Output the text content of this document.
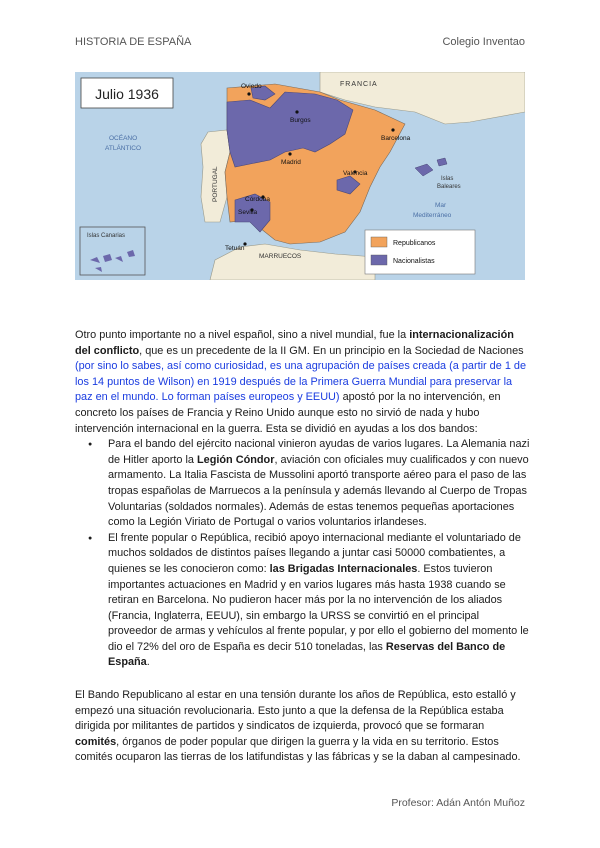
HISTORIA DE ESPAÑA	Colegio Inventao
Islas Canarias
Julio 1936
FRANCIA
OCÉANO
ATLÁNTICO
PORTUGAL
Mar
Mediterráneo
MARRUECOS
Islas
Baleares
Oviedo
Burgos
Barcelona
Madrid
Valencia
Córdoba
Sevilla
Tetuán
Republicanos
Nacionalistas
Otro punto importante no a nivel español, sino a nivel mundial, fue la internacionalización del conflicto, que es un precedente de la II GM. En un principio en la Sociedad de Naciones (por sino lo sabes, así como curiosidad, es una agrupación de países creada (a partir de 1 de los 14 puntos de Wilson) en 1919 después de la Primera Guerra Mundial para preservar la paz en el mundo. Lo forman países europeos y EEUU) apostó por la no intervención, en concreto los países de Francia y Reino Unido aunque esto no sirvió de nada y hubo intervención internacional en la guerra. Esta se dividió en ayudas a los dos bandos:
● Para el bando del ejército nacional vinieron ayudas de varios lugares. La Alemania nazi de Hitler aporto la Legión Cóndor, aviación con oficiales muy cualificados y con nuevo armamento. La Italia Fascista de Mussolini aportó transporte aéreo para el paso de las tropas españolas de Marruecos a la península y además llevando al Cuerpo de Tropas Voluntarias (soldados normales). Además de estas tenemos pequeñas aportaciones como la Legión Viriato de Portugal o varios voluntarios irlandeses.
● El frente popular o República, recibió apoyo internacional mediante el voluntariado de muchos soldados de distintos países llegando a juntar casi 50000 combatientes, a quienes se les conocieron como: las Brigadas Internacionales. Estos tuvieron importantes actuaciones en Madrid y en varios lugares más hasta 1938 cuando se retiran en Barcelona. No pudieron hacer más por la no intervención de los aliados (Francia, Inglaterra, EEUU), sin embargo la URSS se convirtió en el principal proveedor de armas y vehículos al frente popular, y por ello el gobierno del momento le dio el 72% del oro de España es decir 510 toneladas, las Reservas del Banco de España.
El Bando Republicano al estar en una tensión durante los años de República, esto estalló y empezó una situación revolucionaria. Esto junto a que la defensa de la República estaba dirigida por militantes de partidos y sindicatos de izquierda, provocó que se formaran comités, órganos de poder popular que dirigen la guerra y la vida en su territorio. Estos comités ocuparon las tierras de los latifundistas y las fábricas y se la daban al campesinado.
Profesor: Adán Antón Muñoz
